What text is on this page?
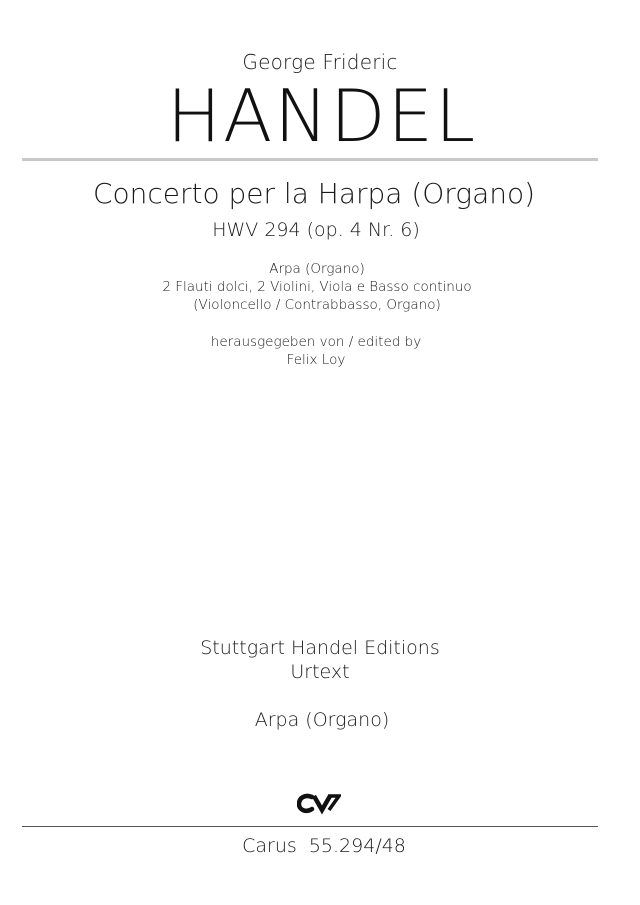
George Frideric
HANDEL
Concerto per la Harpa (Organo)
HWV 294 (op. 4 Nr. 6)
Arpa (Organo)
2 Flauti dolci, 2 Violini, Viola e Basso continuo
(Violoncello / Contrabbasso, Organo)
herausgegeben von / edited by
Felix Loy
Stuttgart Handel Editions
Urtext
Arpa (Organo)
Carus  55.294/48
